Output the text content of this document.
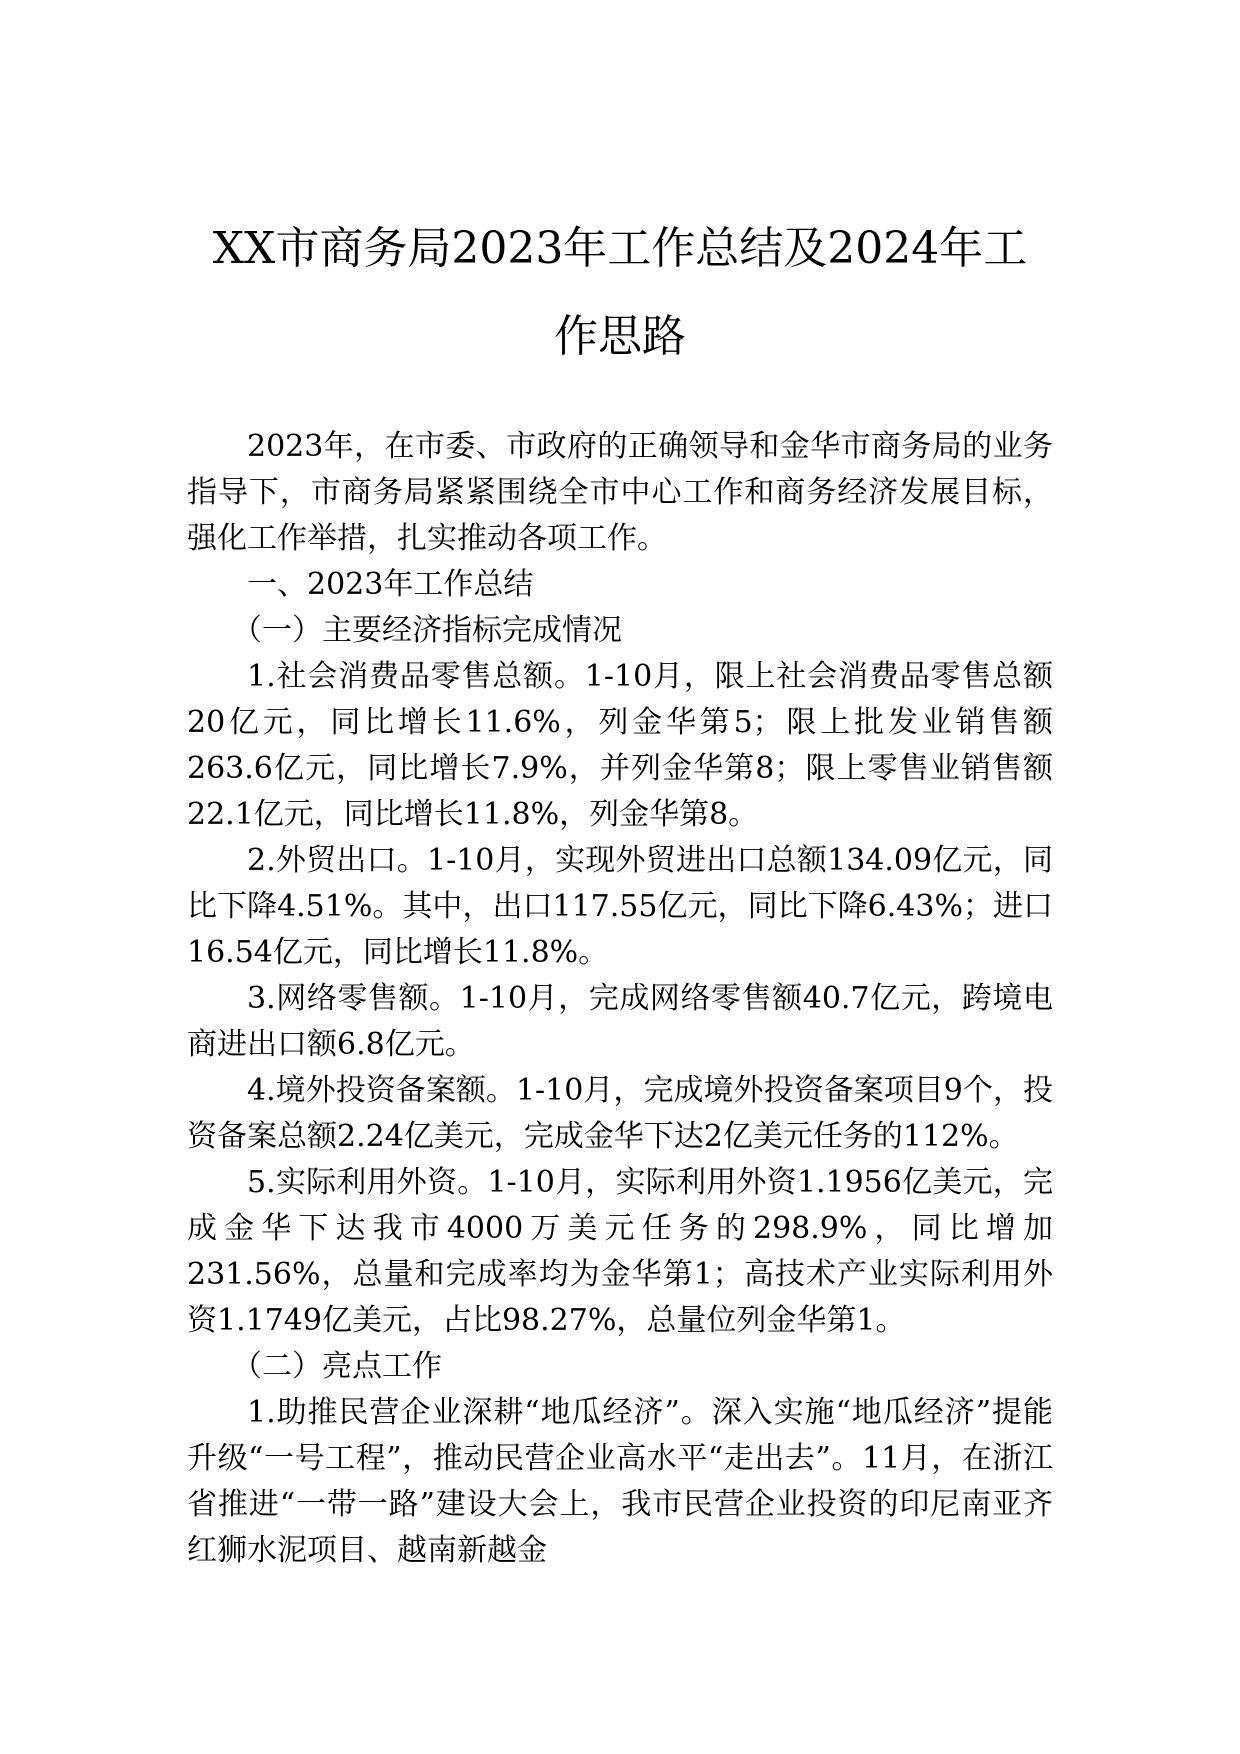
XX市商务局2023年工作总结及2024年工
作思路

2023年，在市委、市政府的正确领导和金华市商务局的业务指导下，市商务局紧紧围绕全市中心工作和商务经济发展目标，强化工作举措，扎实推动各项工作。

一、2023年工作总结

（一）主要经济指标完成情况

1.社会消费品零售总额。1-10月，限上社会消费品零售总额20亿元，同比增长11.6%，列金华第5；限上批发业销售额263.6亿元，同比增长7.9%，并列金华第8；限上零售业销售额22.1亿元，同比增长11.8%，列金华第8。

2.外贸出口。1-10月，实现外贸进出口总额134.09亿元，同比下降4.51%。其中，出口117.55亿元，同比下降6.43%；进口16.54亿元，同比增长11.8%。

3.网络零售额。1-10月，完成网络零售额40.7亿元，跨境电商进出口额6.8亿元。

4.境外投资备案额。1-10月，完成境外投资备案项目9个，投资备案总额2.24亿美元，完成金华下达2亿美元任务的112%。

5.实际利用外资。1-10月，实际利用外资1.1956亿美元，完成金华下达我市4000万美元任务的298.9%，同比增加231.56%，总量和完成率均为金华第1；高技术产业实际利用外资1.1749亿美元，占比98.27%，总量位列金华第1。

（二）亮点工作

1.助推民营企业深耕“地瓜经济”。深入实施“地瓜经济”提能升级“一号工程”，推动民营企业高水平“走出去”。11月，在浙江省推进“一带一路”建设大会上，我市民营企业投资的印尼南亚齐红狮水泥项目、越南新越金
